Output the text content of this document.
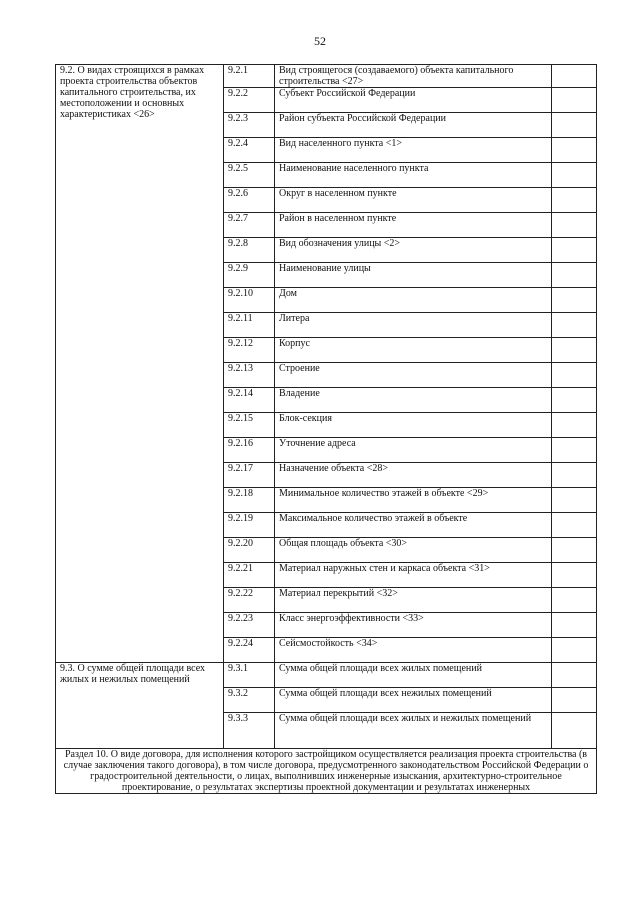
52
9.2. О видах строящихся в рамках проекта строительства объектов капитального строительства, их местоположении и основных характеристиках <26>	9.2.1	Вид строящегося (создаваемого) объекта капитального строительства <27>	
	9.2.2	Субъект Российской Федерации	
	9.2.3	Район субъекта Российской Федерации	
	9.2.4	Вид населенного пункта <1>	
	9.2.5	Наименование населенного пункта	
	9.2.6	Округ в населенном пункте	
	9.2.7	Район в населенном пункте	
	9.2.8	Вид обозначения улицы <2>	
	9.2.9	Наименование улицы	
	9.2.10	Дом	
	9.2.11	Литера	
	9.2.12	Корпус	
	9.2.13	Строение	
	9.2.14	Владение	
	9.2.15	Блок-секция	
	9.2.16	Уточнение адреса	
	9.2.17	Назначение объекта <28>	
	9.2.18	Минимальное количество этажей в объекте <29>	
	9.2.19	Максимальное количество этажей в объекте	
	9.2.20	Общая площадь объекта <30>	
	9.2.21	Материал наружных стен и каркаса объекта <31>	
	9.2.22	Материал перекрытий <32>	
	9.2.23	Класс энергоэффективности <33>	
	9.2.24	Сейсмостойкость <34>	
9.3. О сумме общей площади всех жилых и нежилых помещений	9.3.1	Сумма общей площади всех жилых помещений	
	9.3.2	Сумма общей площади всех нежилых помещений	
	9.3.3	Сумма общей площади всех жилых и нежилых помещений	
Раздел 10. О виде договора, для исполнения которого застройщиком осуществляется реализация проекта строительства (в случае заключения такого договора), в том числе договора, предусмотренного законодательством Российской Федерации о градостроительной деятельности, о лицах, выполнивших инженерные изыскания, архитектурно-строительное проектирование, о результатах экспертизы проектной документации и результатах инженерных			
